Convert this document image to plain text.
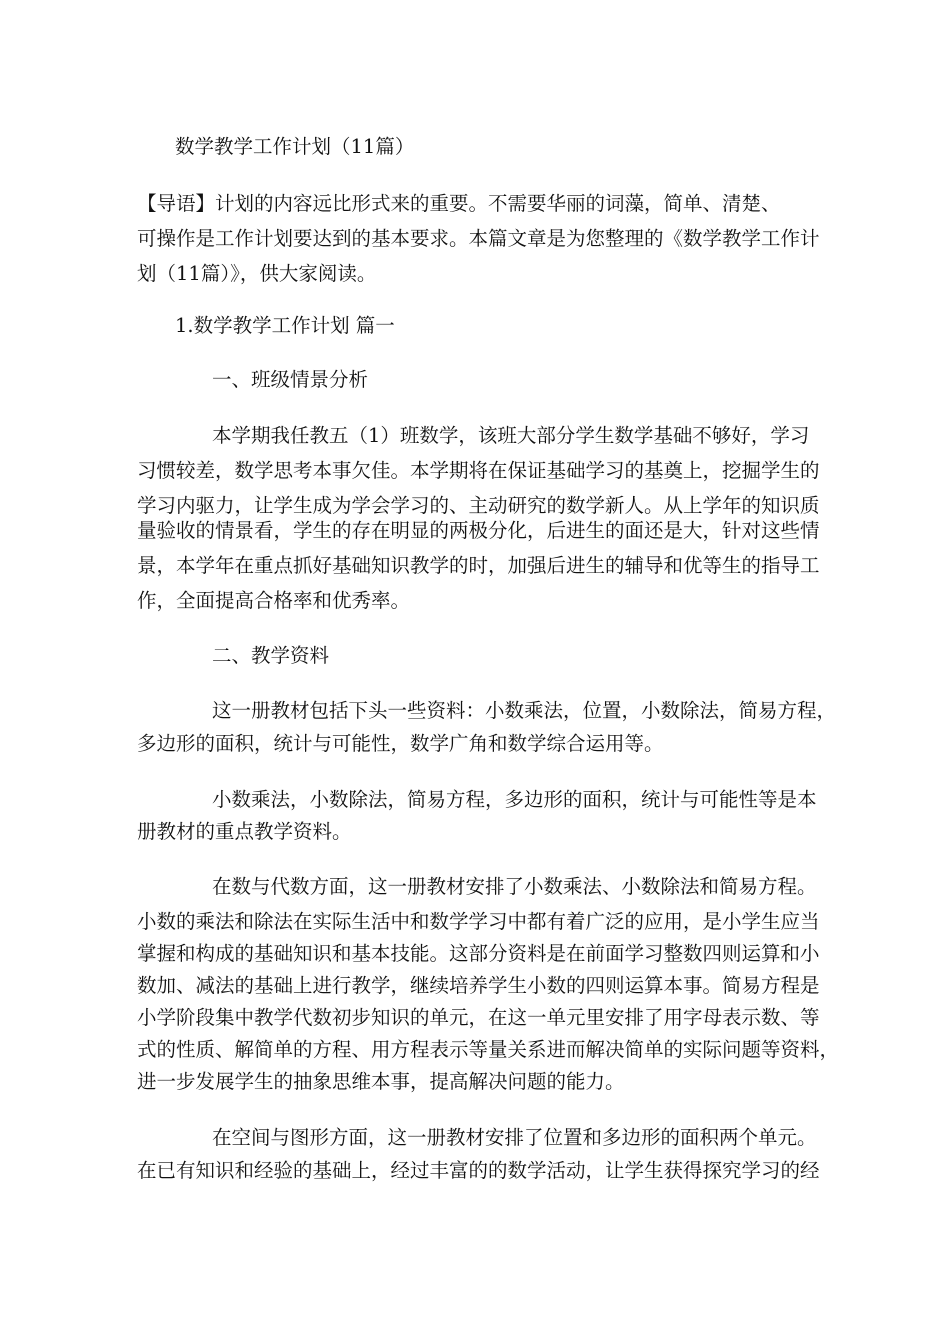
数学教学工作计划（11篇）
【导语】计划的内容远比形式来的重要。不需要华丽的词藻，简单、清楚、
可操作是工作计划要达到的基本要求。本篇文章是为您整理的《数学教学工作计
划（11篇）》，供大家阅读。
1.数学教学工作计划 篇一
一、班级情景分析
本学期我任教五（1）班数学，该班大部分学生数学基础不够好，学习
习惯较差，数学思考本事欠佳。本学期将在保证基础学习的基奠上，挖掘学生的
学习内驱力，让学生成为学会学习的、主动研究的数学新人。从上学年的知识质
量验收的情景看，学生的存在明显的两极分化，后进生的面还是大，针对这些情
景，本学年在重点抓好基础知识教学的时，加强后进生的辅导和优等生的指导工
作，全面提高合格率和优秀率。
二、教学资料
这一册教材包括下头一些资料：小数乘法，位置，小数除法，简易方程，
多边形的面积，统计与可能性，数学广角和数学综合运用等。
小数乘法，小数除法，简易方程，多边形的面积，统计与可能性等是本
册教材的重点教学资料。
在数与代数方面，这一册教材安排了小数乘法、小数除法和简易方程。
小数的乘法和除法在实际生活中和数学学习中都有着广泛的应用，是小学生应当
掌握和构成的基础知识和基本技能。这部分资料是在前面学习整数四则运算和小
数加、减法的基础上进行教学，继续培养学生小数的四则运算本事。简易方程是
小学阶段集中教学代数初步知识的单元，在这一单元里安排了用字母表示数、等
式的性质、解简单的方程、用方程表示等量关系进而解决简单的实际问题等资料，
进一步发展学生的抽象思维本事，提高解决问题的能力。
在空间与图形方面，这一册教材安排了位置和多边形的面积两个单元。
在已有知识和经验的基础上，经过丰富的的数学活动，让学生获得探究学习的经
